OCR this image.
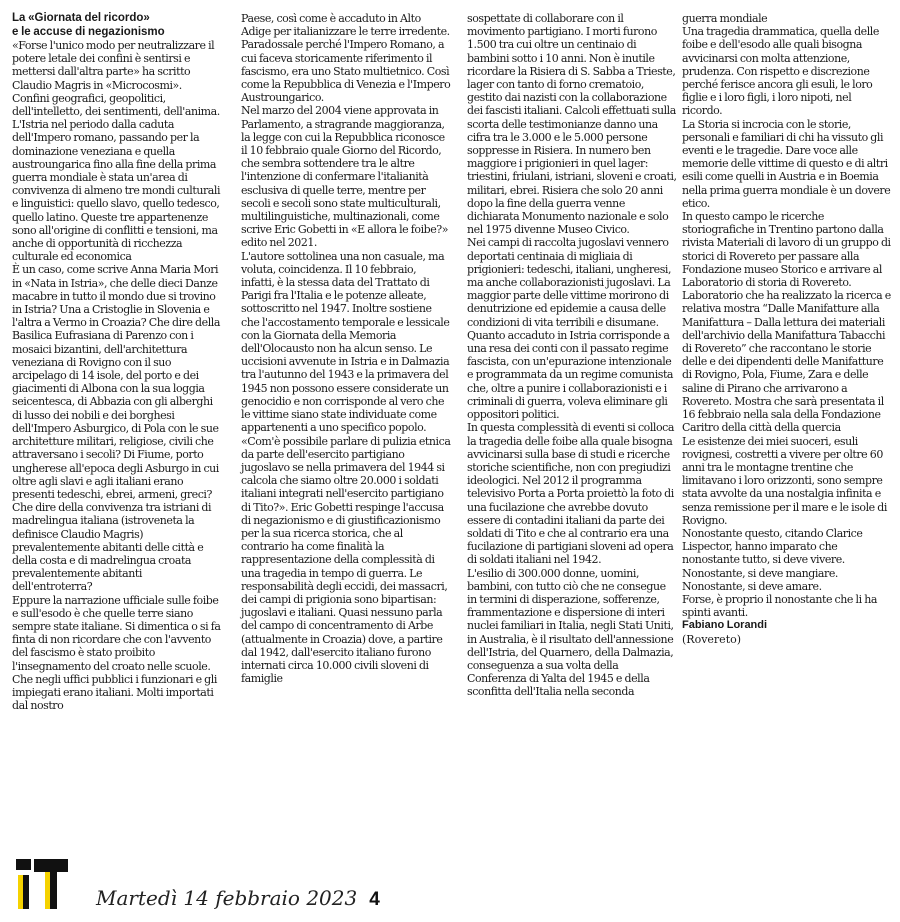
La «Giornata del ricordo»
e le accuse di negazionismo

«Forse l'unico modo per neutralizzare il potere letale dei confini è sentirsi e mettersi dall'altra parte» ha scritto Claudio Magris in «Microcosmi».

Confini geografici, geopolitici, dell'intelletto, dei sentimenti, dell'anima.

L'Istria nel periodo dalla caduta dell'Impero romano, passando per la dominazione veneziana e quella austroungarica fino alla fine della prima guerra mondiale è stata un'area di convivenza di almeno tre mondi culturali e linguistici: quello slavo, quello tedesco, quello latino. Queste tre appartenenze sono all'origine di conflitti e tensioni, ma anche di opportunità di ricchezza culturale ed economica

È un caso, come scrive Anna Maria Mori in «Nata in Istria», che delle dieci Danze macabre in tutto il mondo due si trovino in Istria? Una a Cristoglie in Slovenia e l'altra a Vermo in Croazia? Che dire della Basilica Eufrasiana di Parenzo con i mosaici bizantini, dell'architettura veneziana di Rovigno con il suo arcipelago di 14 isole, del porto e dei giacimenti di Albona con la sua loggia seicentesca, di Abbazia con gli alberghi di lusso dei nobili e dei borghesi dell'Impero Asburgico, di Pola con le sue architetture militari, religiose, civili che attraversano i secoli? Di Fiume, porto ungherese all'epoca degli Asburgo in cui oltre agli slavi e agli italiani erano presenti tedeschi, ebrei, armeni, greci?

Che dire della convivenza tra istriani di madrelingua italiana (istroveneta la definisce Claudio Magris) prevalentemente abitanti delle città e della costa e di madrelingua croata prevalentemente abitanti dell'entroterra?

Eppure la narrazione ufficiale sulle foibe e sull'esodo è che quelle terre siano sempre state italiane. Si dimentica o si fa finta di non ricordare che con l'avvento del fascismo è stato proibito l'insegnamento del croato nelle scuole. Che negli uffici pubblici i funzionari e gli impiegati erano italiani. Molti importati dal nostro

Paese, così come è accaduto in Alto Adige per italianizzare le terre irredente.

Paradossale perché l'Impero Romano, a cui faceva storicamente riferimento il fascismo, era uno Stato multietnico. Così come la Repubblica di Venezia e l'Impero Austroungarico.

Nel marzo del 2004 viene approvata in Parlamento, a stragrande maggioranza, la legge con cui la Repubblica riconosce il 10 febbraio quale Giorno del Ricordo, che sembra sottendere tra le altre l'intenzione di confermare l'italianità esclusiva di quelle terre, mentre per secoli e secoli sono state multiculturali, multilinguistiche, multinazionali, come scrive Eric Gobetti in «E allora le foibe?» edito nel 2021.

L'autore sottolinea una non casuale, ma voluta, coincidenza. Il 10 febbraio, infatti, è la stessa data del Trattato di Parigi fra l'Italia e le potenze alleate, sottoscritto nel 1947. Inoltre sostiene che l'accostamento temporale e lessicale con la Giornata della Memoria dell'Olocausto non ha alcun senso. Le uccisioni avvenute in Istria e in Dalmazia tra l'autunno del 1943 e la primavera del 1945 non possono essere considerate un genocidio e non corrisponde al vero che le vittime siano state individuate come appartenenti a uno specifico popolo.

«Com'è possibile parlare di pulizia etnica da parte dell'esercito partigiano jugoslavo se nella primavera del 1944 si calcola che siamo oltre 20.000 i soldati italiani integrati nell'esercito partigiano di Tito?». Eric Gobetti respinge l'accusa di negazionismo e di giustificazionismo per la sua ricerca storica, che al contrario ha come finalità la rappresentazione della complessità di una tragedia in tempo di guerra. Le responsabilità degli eccidi, dei massacri, dei campi di prigionia sono bipartisan: jugoslavi e italiani. Quasi nessuno parla del campo di concentramento di Arbe (attualmente in Croazia) dove, a partire dal 1942, dall'esercito italiano furono internati circa 10.000 civili sloveni di famiglie

sospettate di collaborare con il movimento partigiano. I morti furono 1.500 tra cui oltre un centinaio di bambini sotto i 10 anni. Non è inutile ricordare la Risiera di S. Sabba a Trieste, lager con tanto di forno crematoio, gestito dai nazisti con la collaborazione dei fascisti italiani. Calcoli effettuati sulla scorta delle testimonianze danno una cifra tra le 3.000 e le 5.000 persone soppresse in Risiera. In numero ben maggiore i prigionieri in quel lager: triestini, friulani, istriani, sloveni e croati, militari, ebrei. Risiera che solo 20 anni dopo la fine della guerra venne dichiarata Monumento nazionale e solo nel 1975 divenne Museo Civico.

Nei campi di raccolta jugoslavi vennero deportati centinaia di migliaia di prigionieri: tedeschi, italiani, ungheresi, ma anche collaborazionisti jugoslavi. La maggior parte delle vittime morirono di denutrizione ed epidemie a causa delle condizioni di vita terribili e disumane. Quanto accaduto in Istria corrisponde a una resa dei conti con il passato regime fascista, con un'epurazione intenzionale e programmata da un regime comunista che, oltre a punire i collaborazionisti e i criminali di guerra, voleva eliminare gli oppositori politici.

In questa complessità di eventi si colloca la tragedia delle foibe alla quale bisogna avvicinarsi sulla base di studi e ricerche storiche scientifiche, non con pregiudizi ideologici. Nel 2012 il programma televisivo Porta a Porta proiettò la foto di una fucilazione che avrebbe dovuto essere di contadini italiani da parte dei soldati di Tito e che al contrario era una fucilazione di partigiani sloveni ad opera di soldati italiani nel 1942.

L'esilio di 300.000 donne, uomini, bambini, con tutto ciò che ne consegue in termini di disperazione, sofferenze, frammentazione e dispersione di interi nuclei familiari in Italia, negli Stati Uniti, in Australia, è il risultato dell'annessione dell'Istria, del Quarnero, della Dalmazia, conseguenza a sua volta della Conferenza di Yalta del 1945 e della sconfitta dell'Italia nella seconda

guerra mondiale

Una tragedia drammatica, quella delle foibe e dell'esodo alle quali bisogna avvicinarsi con molta attenzione, prudenza. Con rispetto e discrezione perché ferisce ancora gli esuli, le loro figlie e i loro figli, i loro nipoti, nel ricordo.

La Storia si incrocia con le storie, personali e familiari di chi ha vissuto gli eventi e le tragedie. Dare voce alle memorie delle vittime di questo e di altri esili come quelli in Austria e in Boemia nella prima guerra mondiale è un dovere etico.

In questo campo le ricerche storiografiche in Trentino partono dalla rivista Materiali di lavoro di un gruppo di storici di Rovereto per passare alla Fondazione museo Storico e arrivare al Laboratorio di storia di Rovereto.

Laboratorio che ha realizzato la ricerca e relativa mostra “Dalle Manifatture alla Manifattura – Dalla lettura dei materiali dell'archivio della Manifattura Tabacchi di Rovereto” che raccontano le storie delle e dei dipendenti delle Manifatture di Rovigno, Pola, Fiume, Zara e delle saline di Pirano che arrivarono a Rovereto. Mostra che sarà presentata il 16 febbraio nella sala della Fondazione Caritro della città della quercia

Le esistenze dei miei suoceri, esuli rovignesi, costretti a vivere per oltre 60 anni tra le montagne trentine che limitavano i loro orizzonti, sono sempre stata avvolte da una nostalgia infinita e senza remissione per il mare e le isole di Rovigno.

Nonostante questo, citando Clarice Lispector, hanno imparato che nonostante tutto, si deve vivere. Nonostante, si deve mangiare. Nonostante, si deve amare.

Forse, è proprio il nonostante che li ha spinti avanti.

Fabiano Lorandi

(Rovereto)

Martedì 14 febbraio 2023 4
